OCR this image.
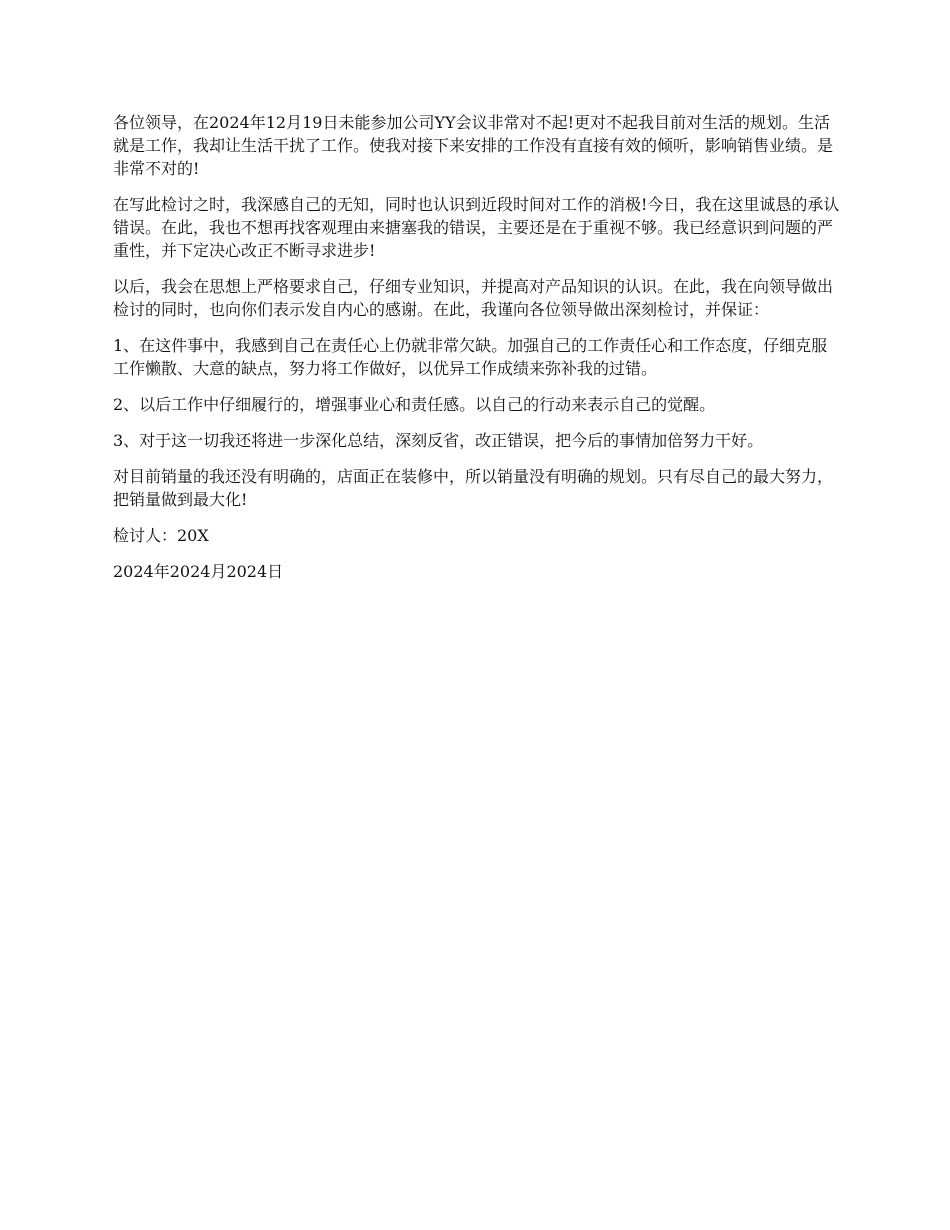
各位领导，在2024年12月19日未能参加公司YY会议非常对不起!更对不起我目前对生活的规划。生活就是工作，我却让生活干扰了工作。使我对接下来安排的工作没有直接有效的倾听，影响销售业绩。是非常不对的!

在写此检讨之时，我深感自己的无知，同时也认识到近段时间对工作的消极!今日，我在这里诚恳的承认错误。在此，我也不想再找客观理由来搪塞我的错误，主要还是在于重视不够。我已经意识到问题的严重性，并下定决心改正不断寻求进步!

以后，我会在思想上严格要求自己，仔细专业知识，并提高对产品知识的认识。在此，我在向领导做出检讨的同时，也向你们表示发自内心的感谢。在此，我谨向各位领导做出深刻检讨，并保证：

1、在这件事中，我感到自己在责任心上仍就非常欠缺。加强自己的工作责任心和工作态度，仔细克服工作懒散、大意的缺点，努力将工作做好，以优异工作成绩来弥补我的过错。

2、以后工作中仔细履行的，增强事业心和责任感。以自己的行动来表示自己的觉醒。

3、对于这一切我还将进一步深化总结，深刻反省，改正错误，把今后的事情加倍努力干好。

对目前销量的我还没有明确的，店面正在装修中，所以销量没有明确的规划。只有尽自己的最大努力，把销量做到最大化!

检讨人：20X

2024年2024月2024日
